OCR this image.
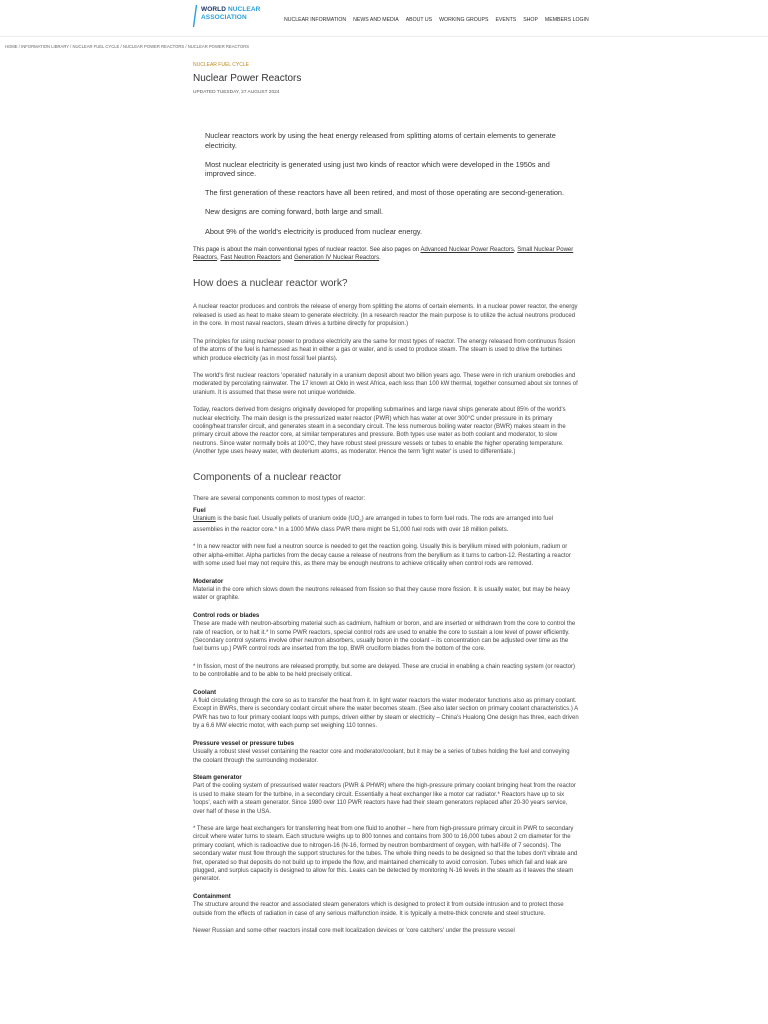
WORLD NUCLEAR
ASSOCIATION	NUCLEAR INFORMATION NEWS AND MEDIA ABOUT US WORKING GROUPS EVENTS SHOP MEMBERS LOGIN
HOME / INFORMATION LIBRARY / NUCLEAR FUEL CYCLE / NUCLEAR POWER REACTORS / NUCLEAR POWER REACTORS
NUCLEAR FUEL CYCLE
Nuclear Power Reactors
UPDATED TUESDAY, 27 AUGUST 2024

Nuclear reactors work by using the heat energy released from splitting atoms of certain elements to generate electricity.

Most nuclear electricity is generated using just two kinds of reactor which were developed in the 1950s and improved since.

The first generation of these reactors have all been retired, and most of those operating are second-generation.

New designs are coming forward, both large and small.

About 9% of the world's electricity is produced from nuclear energy.

This page is about the main conventional types of nuclear reactor. See also pages on Advanced Nuclear Power Reactors, Small Nuclear Power Reactors, Fast Neutron Reactors and Generation IV Nuclear Reactors.

How does a nuclear reactor work?

A nuclear reactor produces and controls the release of energy from splitting the atoms of certain elements. In a nuclear power reactor, the energy released is used as heat to make steam to generate electricity. (In a research reactor the main purpose is to utilize the actual neutrons produced in the core. In most naval reactors, steam drives a turbine directly for propulsion.)

The principles for using nuclear power to produce electricity are the same for most types of reactor. The energy released from continuous fission of the atoms of the fuel is harnessed as heat in either a gas or water, and is used to produce steam. The steam is used to drive the turbines which produce electricity (as in most fossil fuel plants).

The world's first nuclear reactors 'operated' naturally in a uranium deposit about two billion years ago. These were in rich uranium orebodies and moderated by percolating rainwater. The 17 known at Oklo in west Africa, each less than 100 kW thermal, together consumed about six tonnes of uranium. It is assumed that these were not unique worldwide.

Today, reactors derived from designs originally developed for propelling submarines and large naval ships generate about 85% of the world's nuclear electricity. The main design is the pressurized water reactor (PWR) which has water at over 300°C under pressure in its primary cooling/heat transfer circuit, and generates steam in a secondary circuit. The less numerous boiling water reactor (BWR) makes steam in the primary circuit above the reactor core, at similar temperatures and pressure. Both types use water as both coolant and moderator, to slow neutrons. Since water normally boils at 100°C, they have robust steel pressure vessels or tubes to enable the higher operating temperature. (Another type uses heavy water, with deuterium atoms, as moderator. Hence the term 'light water' is used to differentiate.)

Components of a nuclear reactor

There are several components common to most types of reactor:

Fuel

Uranium is the basic fuel. Usually pellets of uranium oxide $(UO_2)$ are arranged in tubes to form fuel rods. The rods are arranged into fuel assemblies in the reactor core.* In a 1000 MWe class PWR there might be 51,000 fuel rods with over 18 million pellets.

* In a new reactor with new fuel a neutron source is needed to get the reaction going. Usually this is beryllium mixed with polonium, radium or other alpha-emitter. Alpha particles from the decay cause a release of neutrons from the beryllium as it turns to carbon-12. Restarting a reactor with some used fuel may not require this, as there may be enough neutrons to achieve criticality when control rods are removed.

Moderator

Material in the core which slows down the neutrons released from fission so that they cause more fission. It is usually water, but may be heavy water or graphite.

Control rods or blades

These are made with neutron-absorbing material such as cadmium, hafnium or boron, and are inserted or withdrawn from the core to control the rate of reaction, or to halt it.* In some PWR reactors, special control rods are used to enable the core to sustain a low level of power efficiently. (Secondary control systems involve other neutron absorbers, usually boron in the coolant – its concentration can be adjusted over time as the fuel burns up.) PWR control rods are inserted from the top, BWR cruciform blades from the bottom of the core.

* In fission, most of the neutrons are released promptly, but some are delayed. These are crucial in enabling a chain reacting system (or reactor) to be controllable and to be able to be held precisely critical.

Coolant

A fluid circulating through the core so as to transfer the heat from it. In light water reactors the water moderator functions also as primary coolant. Except in BWRs, there is secondary coolant circuit where the water becomes steam. (See also later section on primary coolant characteristics.) A PWR has two to four primary coolant loops with pumps, driven either by steam or electricity – China's Hualong One design has three, each driven by a 6.6 MW electric motor, with each pump set weighing 110 tonnes.

Pressure vessel or pressure tubes

Usually a robust steel vessel containing the reactor core and moderator/coolant, but it may be a series of tubes holding the fuel and conveying the coolant through the surrounding moderator.

Steam generator

Part of the cooling system of pressurised water reactors (PWR & PHWR) where the high-pressure primary coolant bringing heat from the reactor is used to make steam for the turbine, in a secondary circuit. Essentially a heat exchanger like a motor car radiator.* Reactors have up to six 'loops', each with a steam generator. Since 1980 over 110 PWR reactors have had their steam generators replaced after 20-30 years service, over half of these in the USA.

* These are large heat exchangers for transferring heat from one fluid to another – here from high-pressure primary circuit in PWR to secondary circuit where water turns to steam. Each structure weighs up to 800 tonnes and contains from 300 to 16,000 tubes about 2 cm diameter for the primary coolant, which is radioactive due to nitrogen-16 (N-16, formed by neutron bombardment of oxygen, with half-life of 7 seconds). The secondary water must flow through the support structures for the tubes. The whole thing needs to be designed so that the tubes don't vibrate and fret, operated so that deposits do not build up to impede the flow, and maintained chemically to avoid corrosion. Tubes which fail and leak are plugged, and surplus capacity is designed to allow for this. Leaks can be detected by monitoring N-16 levels in the steam as it leaves the steam generator.

Containment

The structure around the reactor and associated steam generators which is designed to protect it from outside intrusion and to protect those outside from the effects of radiation in case of any serious malfunction inside. It is typically a metre-thick concrete and steel structure.

Newer Russian and some other reactors install core melt localization devices or 'core catchers' under the pressure vessel
